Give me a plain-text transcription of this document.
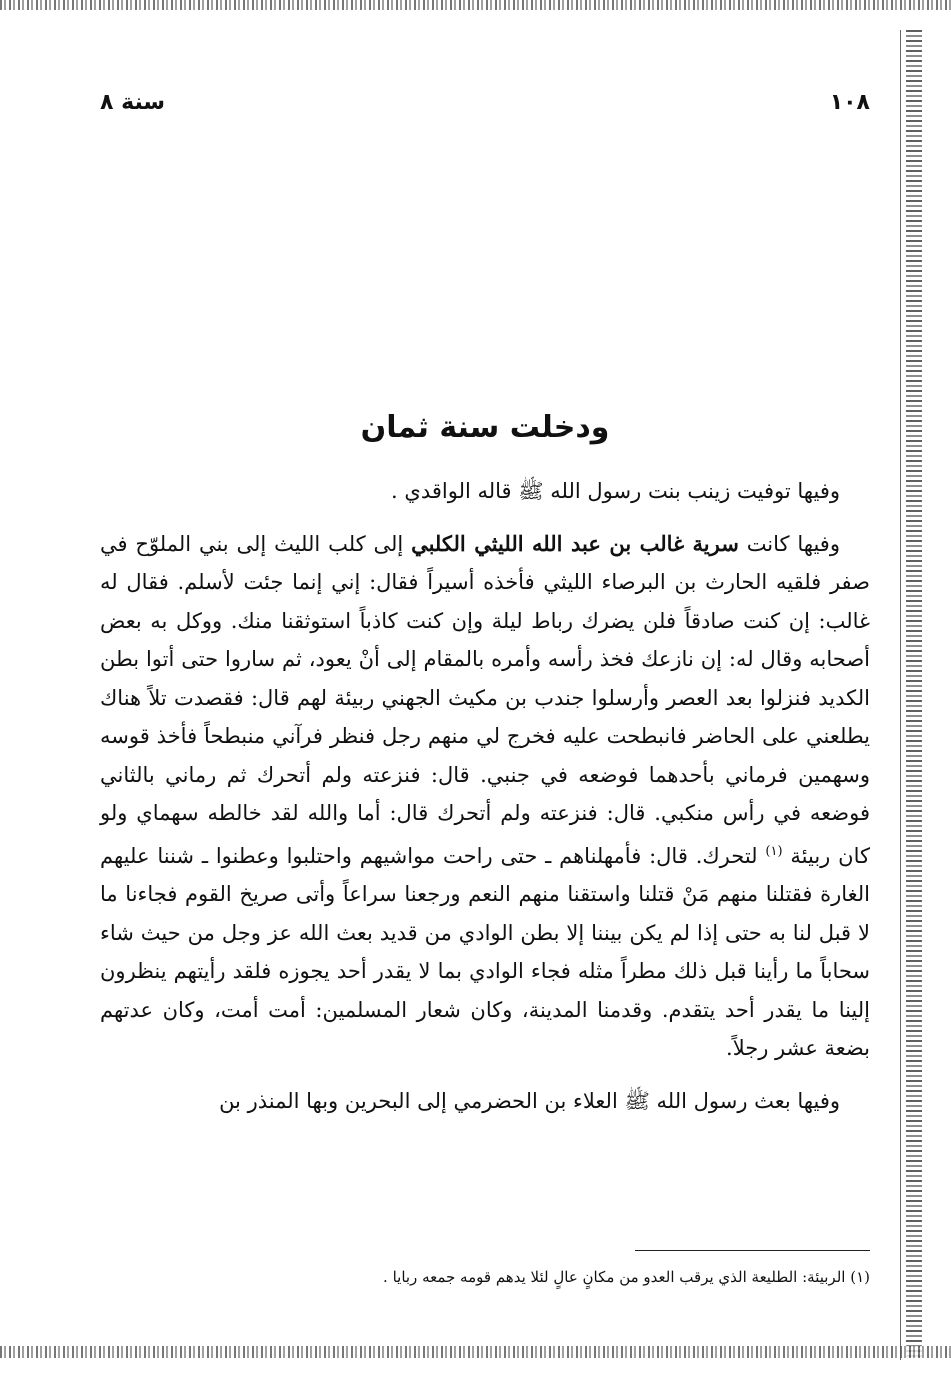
١٠٨
سنة ٨
ودخلت سنة ثمان

وفيها توفيت زينب بنت رسول الله ﷺ قاله الواقدي .

وفيها كانت سرية غالب بن عبد الله الليثي الكلبي إلى كلب الليث إلى بني الملوّح في صفر فلقيه الحارث بن البرصاء الليثي فأخذه أسيراً فقال: إني إنما جئت لأسلم. فقال له غالب: إن كنت صادقاً فلن يضرك رباط ليلة وإن كنت كاذباً استوثقنا منك. ووكل به بعض أصحابه وقال له: إن نازعك فخذ رأسه وأمره بالمقام إلى أنْ يعود، ثم ساروا حتى أتوا بطن الكديد فنزلوا بعد العصر وأرسلوا جندب بن مكيث الجهني ربيئة لهم قال: فقصدت تلاً هناك يطلعني على الحاضر فانبطحت عليه فخرج لي منهم رجل فنظر فرآني منبطحاً فأخذ قوسه وسهمين فرماني بأحدهما فوضعه في جنبي. قال: فنزعته ولم أتحرك ثم رماني بالثاني فوضعه في رأس منكبي. قال: فنزعته ولم أتحرك قال: أما والله لقد خالطه سهماي ولو كان ربيئة $^{(١)}$ لتحرك. قال: فأمهلناهم ـ حتى راحت مواشيهم واحتلبوا وعطنوا ـ شننا عليهم الغارة فقتلنا منهم مَنْ قتلنا واستقنا منهم النعم ورجعنا سراعاً وأتى صريخ القوم فجاءنا ما لا قبل لنا به حتى إذا لم يكن بيننا إلا بطن الوادي من قديد بعث الله عز وجل من حيث شاء سحاباً ما رأينا قبل ذلك مطراً مثله فجاء الوادي بما لا يقدر أحد يجوزه فلقد رأيتهم ينظرون إلينا ما يقدر أحد يتقدم. وقدمنا المدينة، وكان شعار المسلمين: أمت أمت، وكان عدتهم بضعة عشر رجلاً.

وفيها بعث رسول الله ﷺ العلاء بن الحضرمي إلى البحرين وبها المنذر بن

(١) الربيئة: الطليعة الذي يرقب العدو من مكانٍ عالٍ لئلا يدهم قومه جمعه ربايا .
